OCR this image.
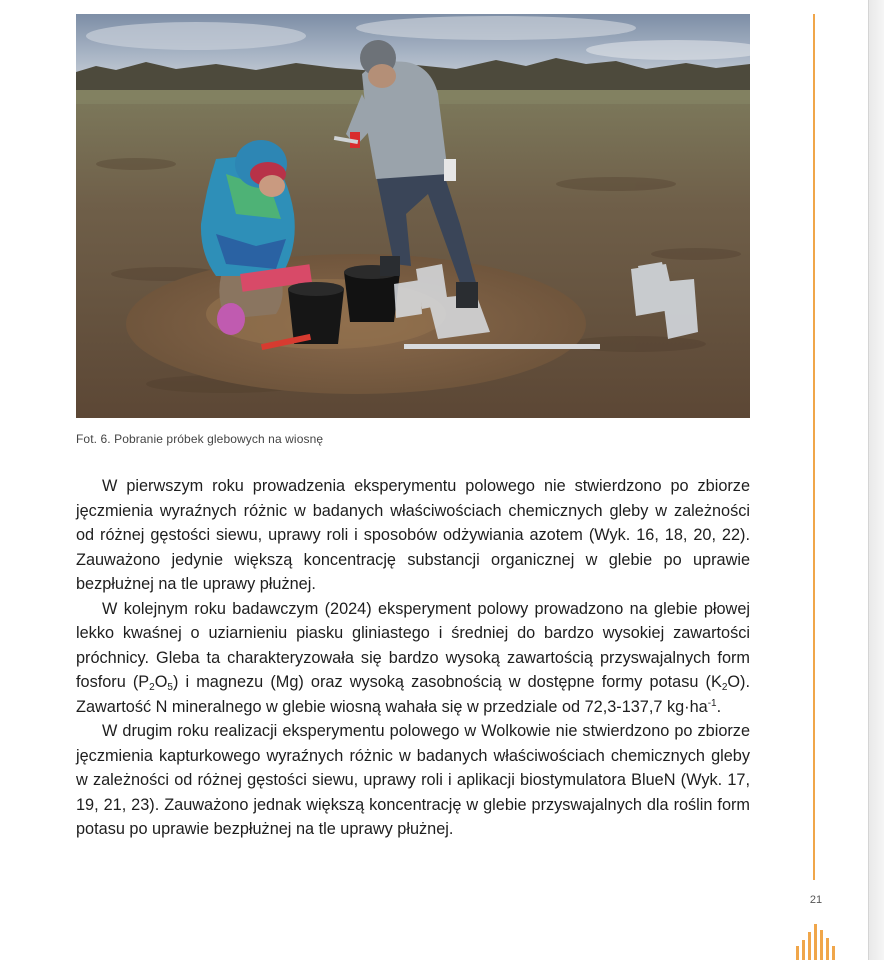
Fot. 6. Pobranie próbek glebowych na wiosnę

W pierwszym roku prowadzenia eksperymentu polowego nie stwierdzono po zbiorze jęczmienia wyraźnych różnic w badanych właściwościach chemicznych gleby w zależności od różnej gęstości siewu, uprawy roli i sposobów odżywiania azotem (Wyk. 16, 18, 20, 22). Zauważono jedynie większą koncentrację substancji organicznej w glebie po uprawie bezpłużnej na tle uprawy płużnej.

W kolejnym roku badawczym (2024) eksperyment polowy prowadzono na glebie płowej lekko kwaśnej o uziarnieniu piasku gliniastego i średniej do bardzo wysokiej zawartości próchnicy. Gleba ta charakteryzowała się bardzo wysoką zawartością przyswajalnych form fosforu $(P_2O_5)$ i magnezu (Mg) oraz wysoką zasobnością w dostępne formy potasu $(K_2O)$. Zawartość N mineralnego w glebie wiosną wahała się w przedziale od 72,3-137,7 $kg\cdot ha^{-1}$.

W drugim roku realizacji eksperymentu polowego w Wolkowie nie stwierdzono po zbiorze jęczmienia kapturkowego wyraźnych różnic w badanych właściwościach chemicznych gleby w zależności od różnej gęstości siewu, uprawy roli i aplikacji biostymulatora BlueN (Wyk. 17, 19, 21, 23). Zauważono jednak większą koncentrację w glebie przyswajalnych dla roślin form potasu po uprawie bezpłużnej na tle uprawy płużnej.

21
